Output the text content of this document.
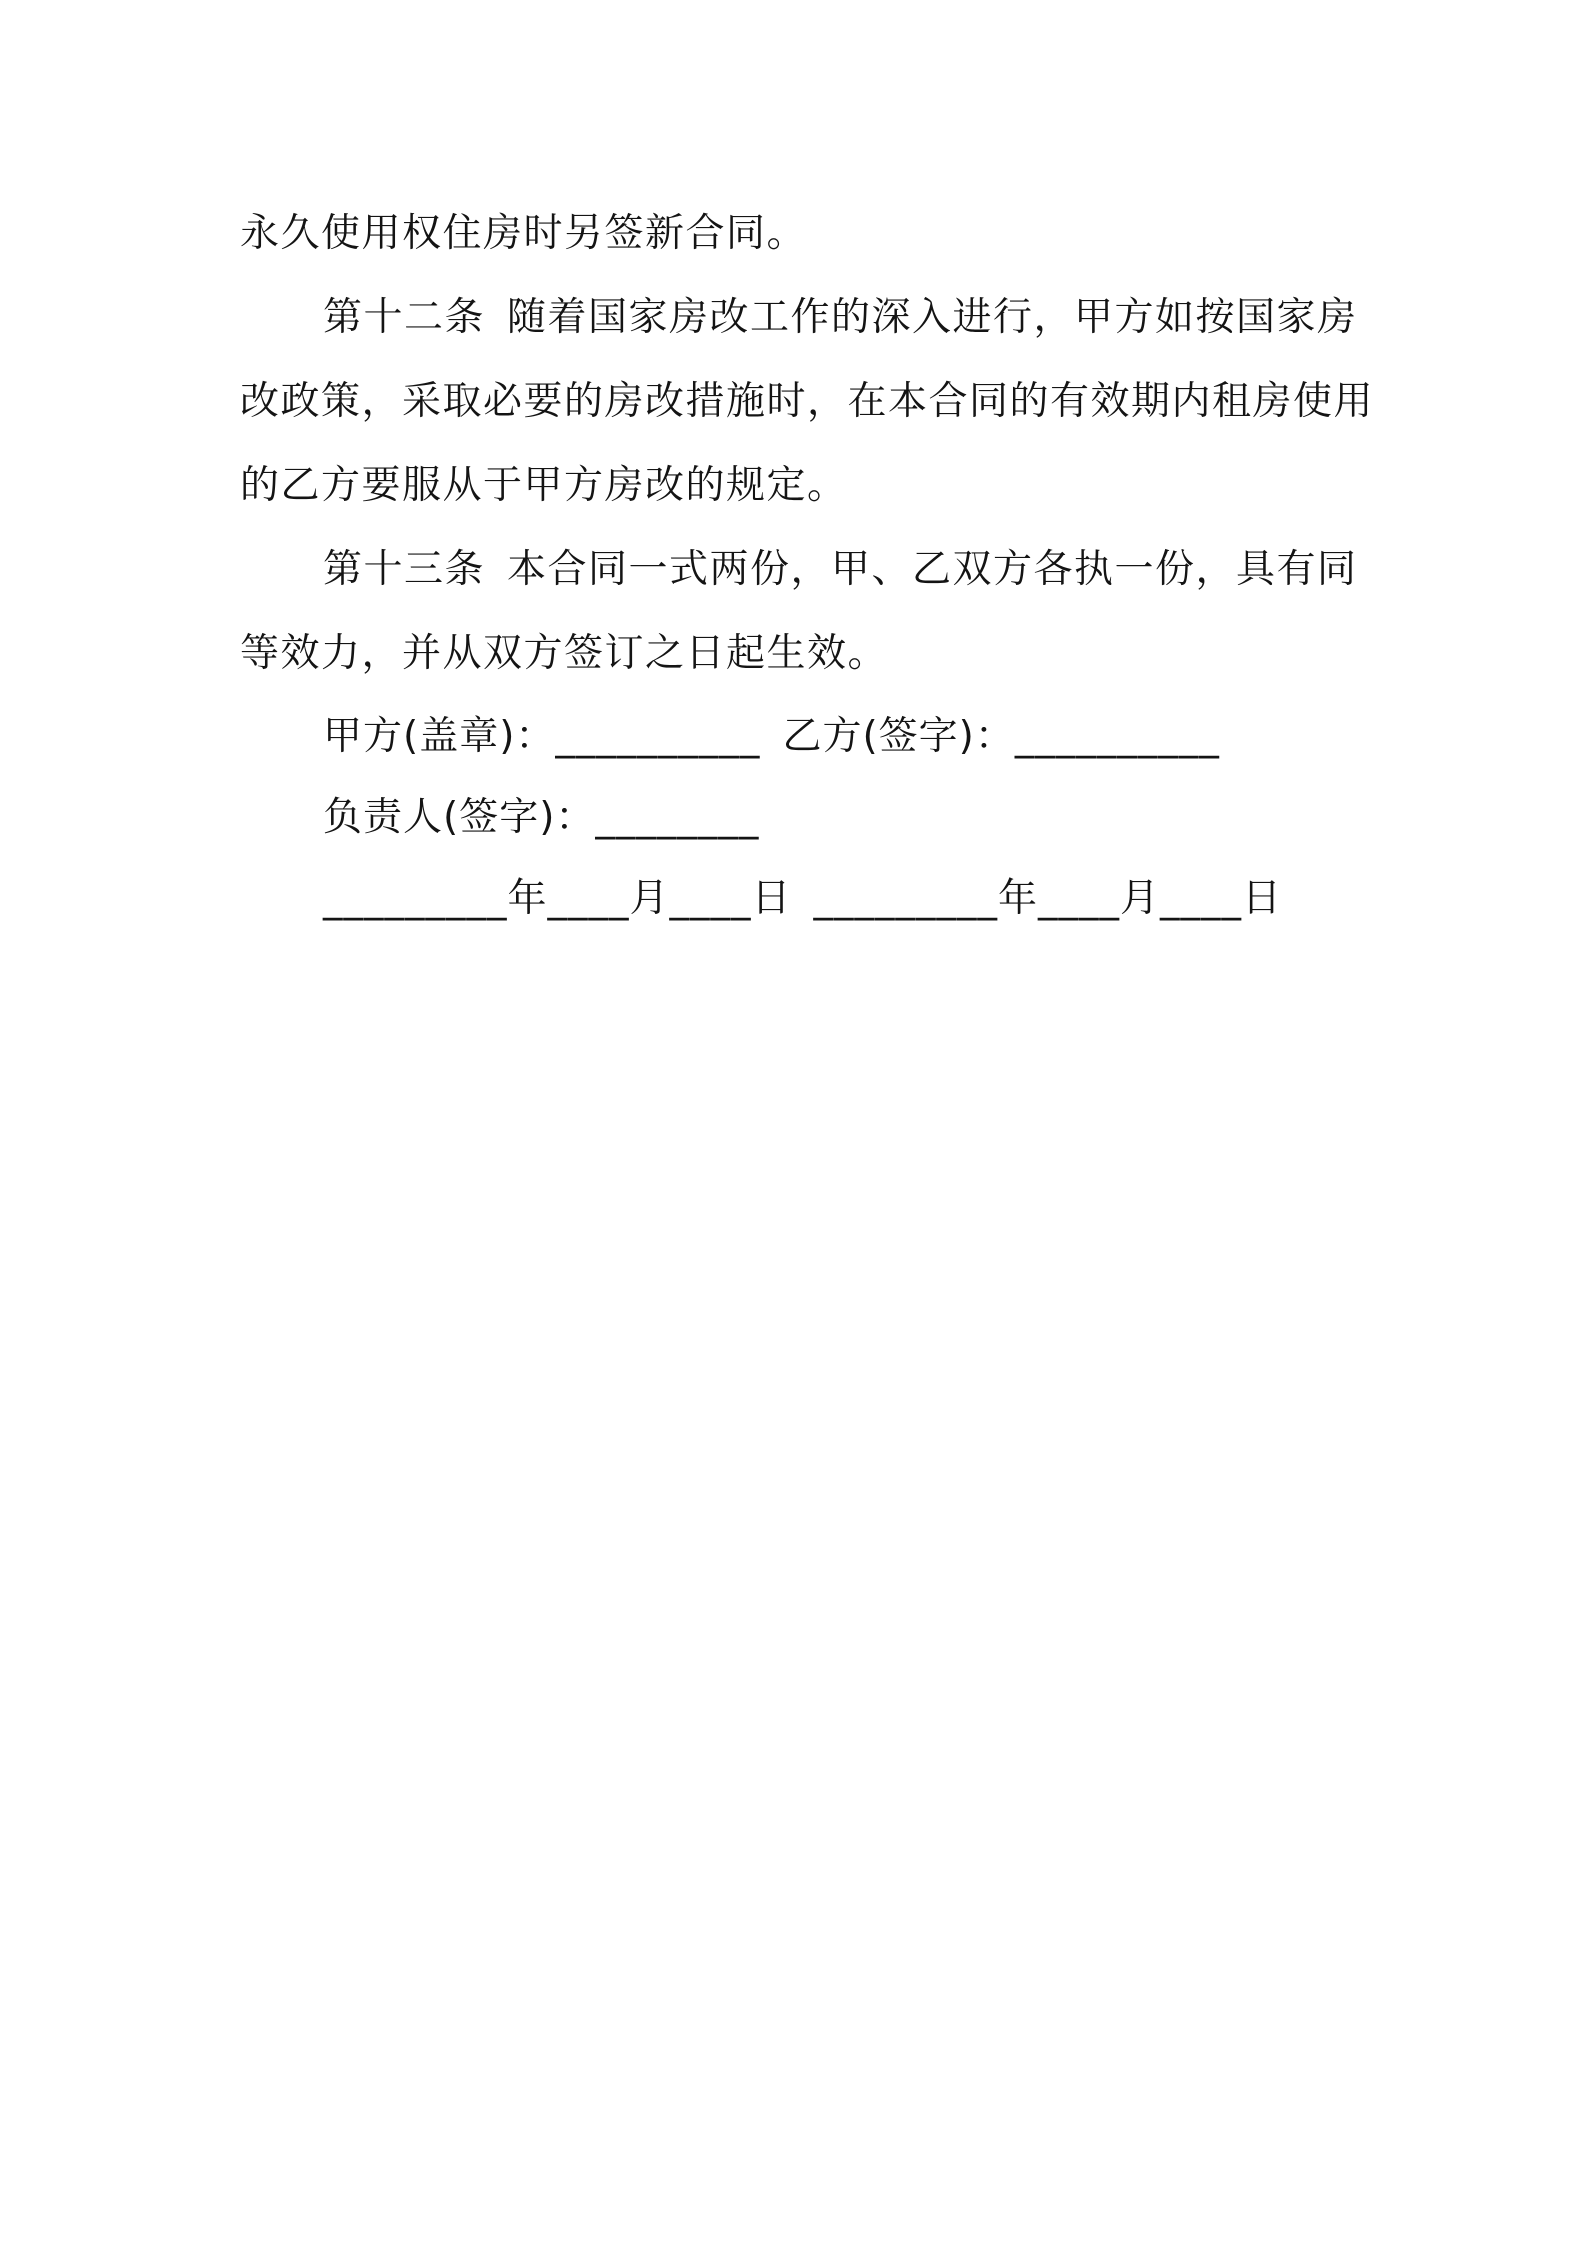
永久使用权住房时另签新合同。
第十二条 随着国家房改工作的深入进行，甲方如按国家房
改政策，采取必要的房改措施时，在本合同的有效期内租房使用
的乙方要服从于甲方房改的规定。
第十三条 本合同一式两份，甲、乙双方各执一份，具有同
等效力，并从双方签订之日起生效。
甲方(盖章)：__________ 乙方(签字)：__________
负责人(签字)：________
_________年____月____日 _________年____月____日
